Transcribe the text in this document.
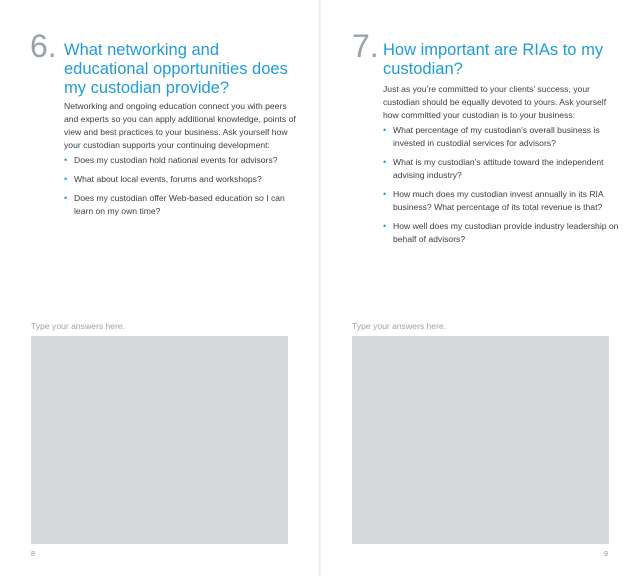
6. What networking and educational opportunities does my custodian provide?

Networking and ongoing education connect you with peers and experts so you can apply additional knowledge, points of view and best practices to your business. Ask yourself how your custodian supports your continuing development:

• Does my custodian hold national events for advisors?
• What about local events, forums and workshops?
• Does my custodian offer Web-based education so I can learn on my own time?

Type your answers here.

8
7. How important are RIAs to my custodian?

Just as you’re committed to your clients’ success, your custodian should be equally devoted to yours. Ask yourself how committed your custodian is to your business:

• What percentage of my custodian’s overall business is invested in custodial services for advisors?
• What is my custodian’s attitude toward the independent advising industry?
• How much does my custodian invest annually in its RIA business? What percentage of its total revenue is that?
• How well does my custodian provide industry leadership on behalf of advisors?

Type your answers here.

9
